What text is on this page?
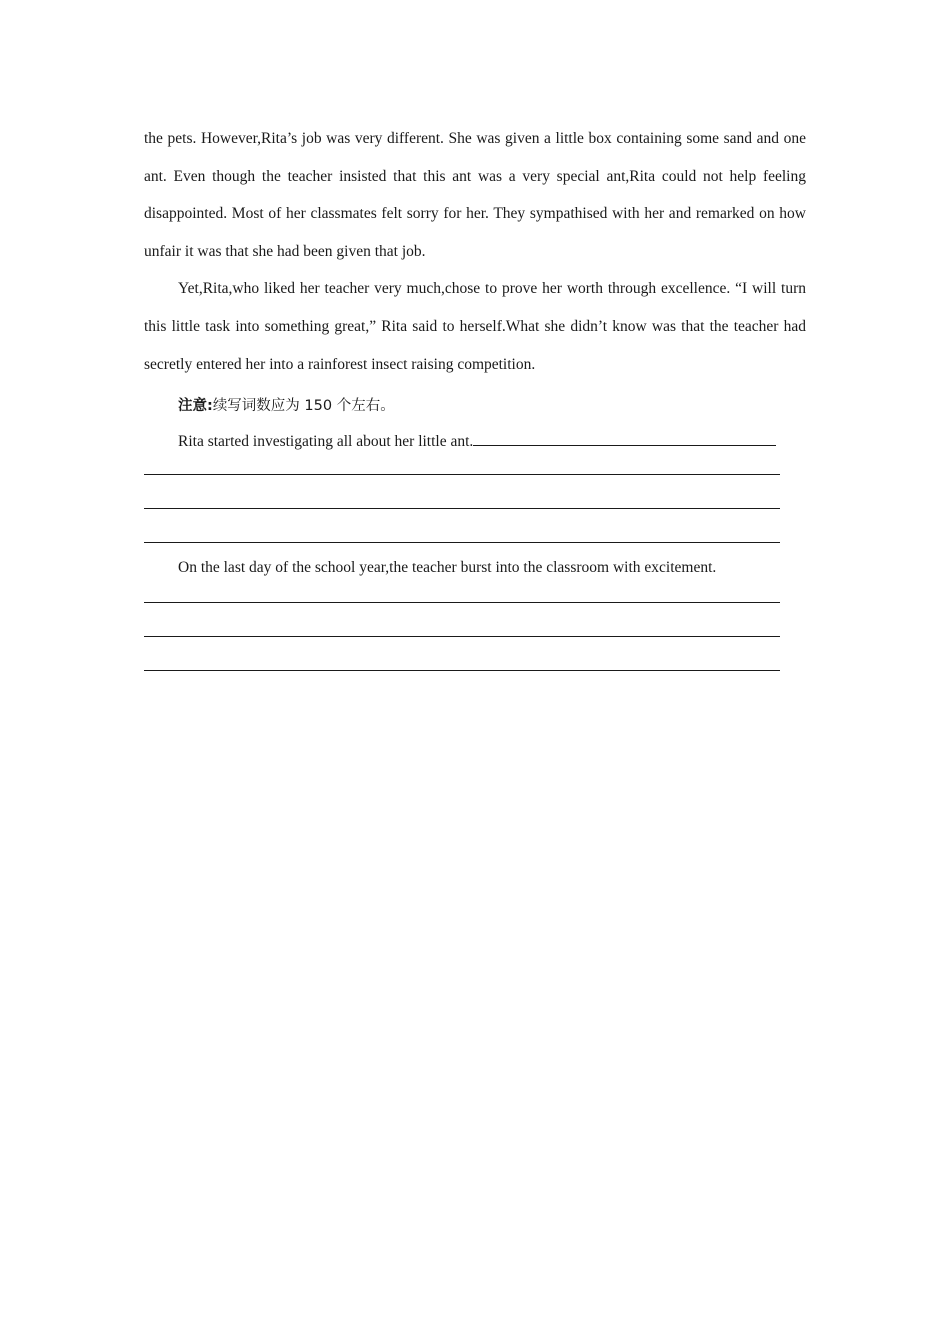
the pets. However,Rita’s job was very different. She was given a little box containing some sand and one ant. Even though the teacher insisted that this ant was a very special ant,Rita could not help feeling disappointed. Most of her classmates felt sorry for her. They sympathised with her and remarked on how unfair it was that she had been given that job.

Yet,Rita,who liked her teacher very much,chose to prove her worth through excellence. “I will turn this little task into something great,” Rita said to herself.What she didn’t know was that the teacher had secretly entered her into a rainforest insect raising competition.

注意:续写词数应为 150 个左右。

Rita started investigating all about her little ant.

On the last day of the school year,the teacher burst into the classroom with excitement.
